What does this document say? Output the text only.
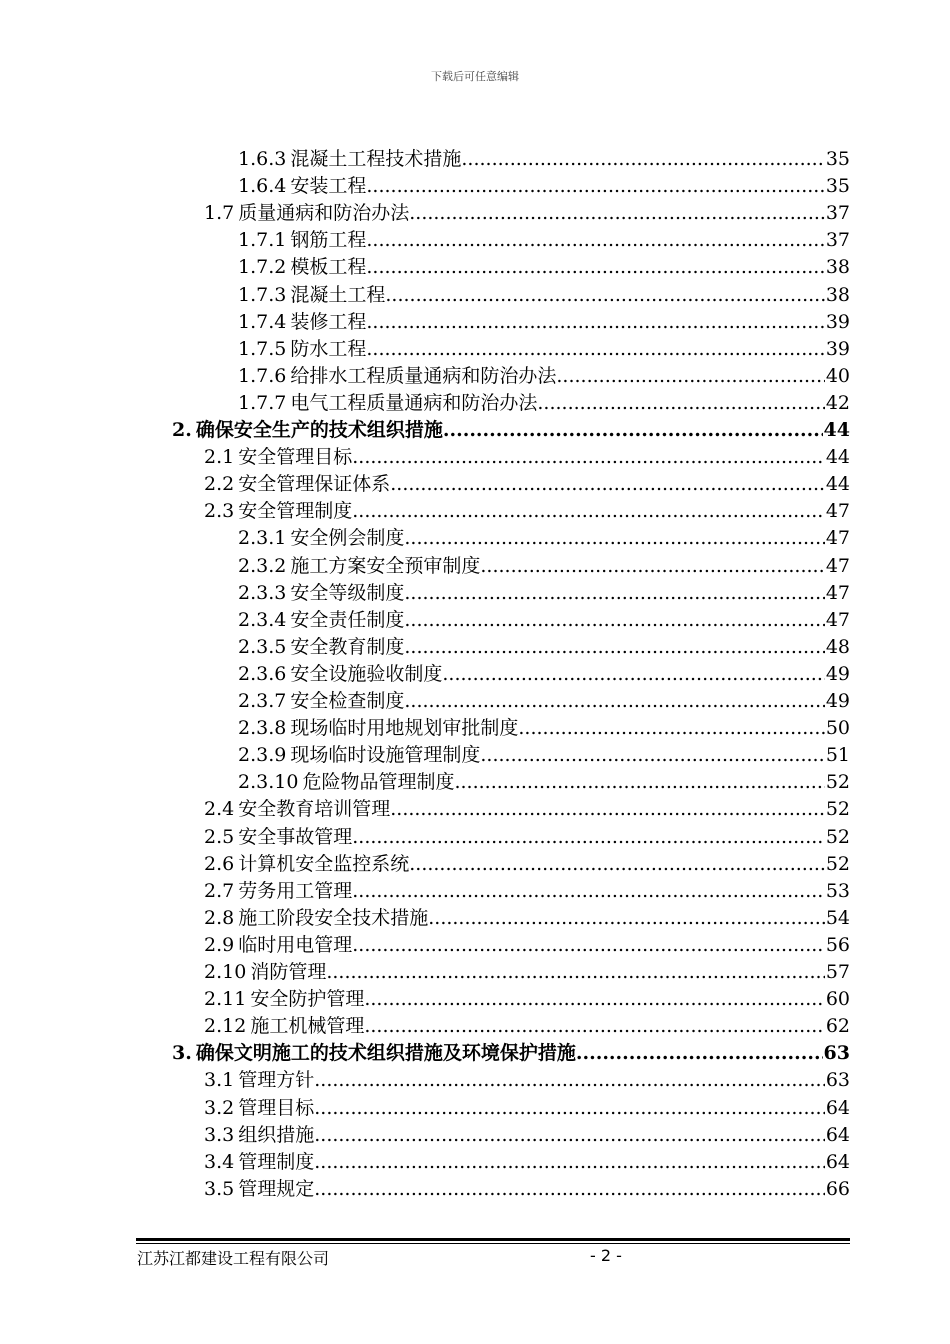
下载后可任意编辑
1.6.3 混凝土工程技术措施 .....	35
1.6.4 安装工程 .....	35
1.7 质量通病和防治办法 .....	37
1.7.1 钢筋工程 .....	37
1.7.2 模板工程 .....	38
1.7.3 混凝土工程 .....	38
1.7.4 装修工程 .....	39
1.7.5 防水工程 .....	39
1.7.6 给排水工程质量通病和防治办法 .....	40
1.7.7 电气工程质量通病和防治办法 .....	42
2. 确保安全生产的技术组织措施 .....	44
2.1 安全管理目标 .....	44
2.2 安全管理保证体系 .....	44
2.3 安全管理制度 .....	47
2.3.1 安全例会制度 .....	47
2.3.2 施工方案安全预审制度 .....	47
2.3.3 安全等级制度 .....	47
2.3.4 安全责任制度 .....	47
2.3.5 安全教育制度 .....	48
2.3.6 安全设施验收制度 .....	49
2.3.7 安全检查制度 .....	49
2.3.8 现场临时用地规划审批制度 .....	50
2.3.9 现场临时设施管理制度 .....	51
2.3.10 危险物品管理制度 .....	52
2.4 安全教育培训管理 .....	52
2.5 安全事故管理 .....	52
2.6 计算机安全监控系统 .....	52
2.7 劳务用工管理 .....	53
2.8 施工阶段安全技术措施 .....	54
2.9 临时用电管理 .....	56
2.10 消防管理 .....	57
2.11 安全防护管理 .....	60
2.12 施工机械管理 .....	62
3. 确保文明施工的技术组织措施及环境保护措施 .....	63
3.1 管理方针 .....	63
3.2 管理目标 .....	64
3.3 组织措施 .....	64
3.4 管理制度 .....	64
3.5 管理规定 .....	66
江苏江都建设工程有限公司	- 2 -
